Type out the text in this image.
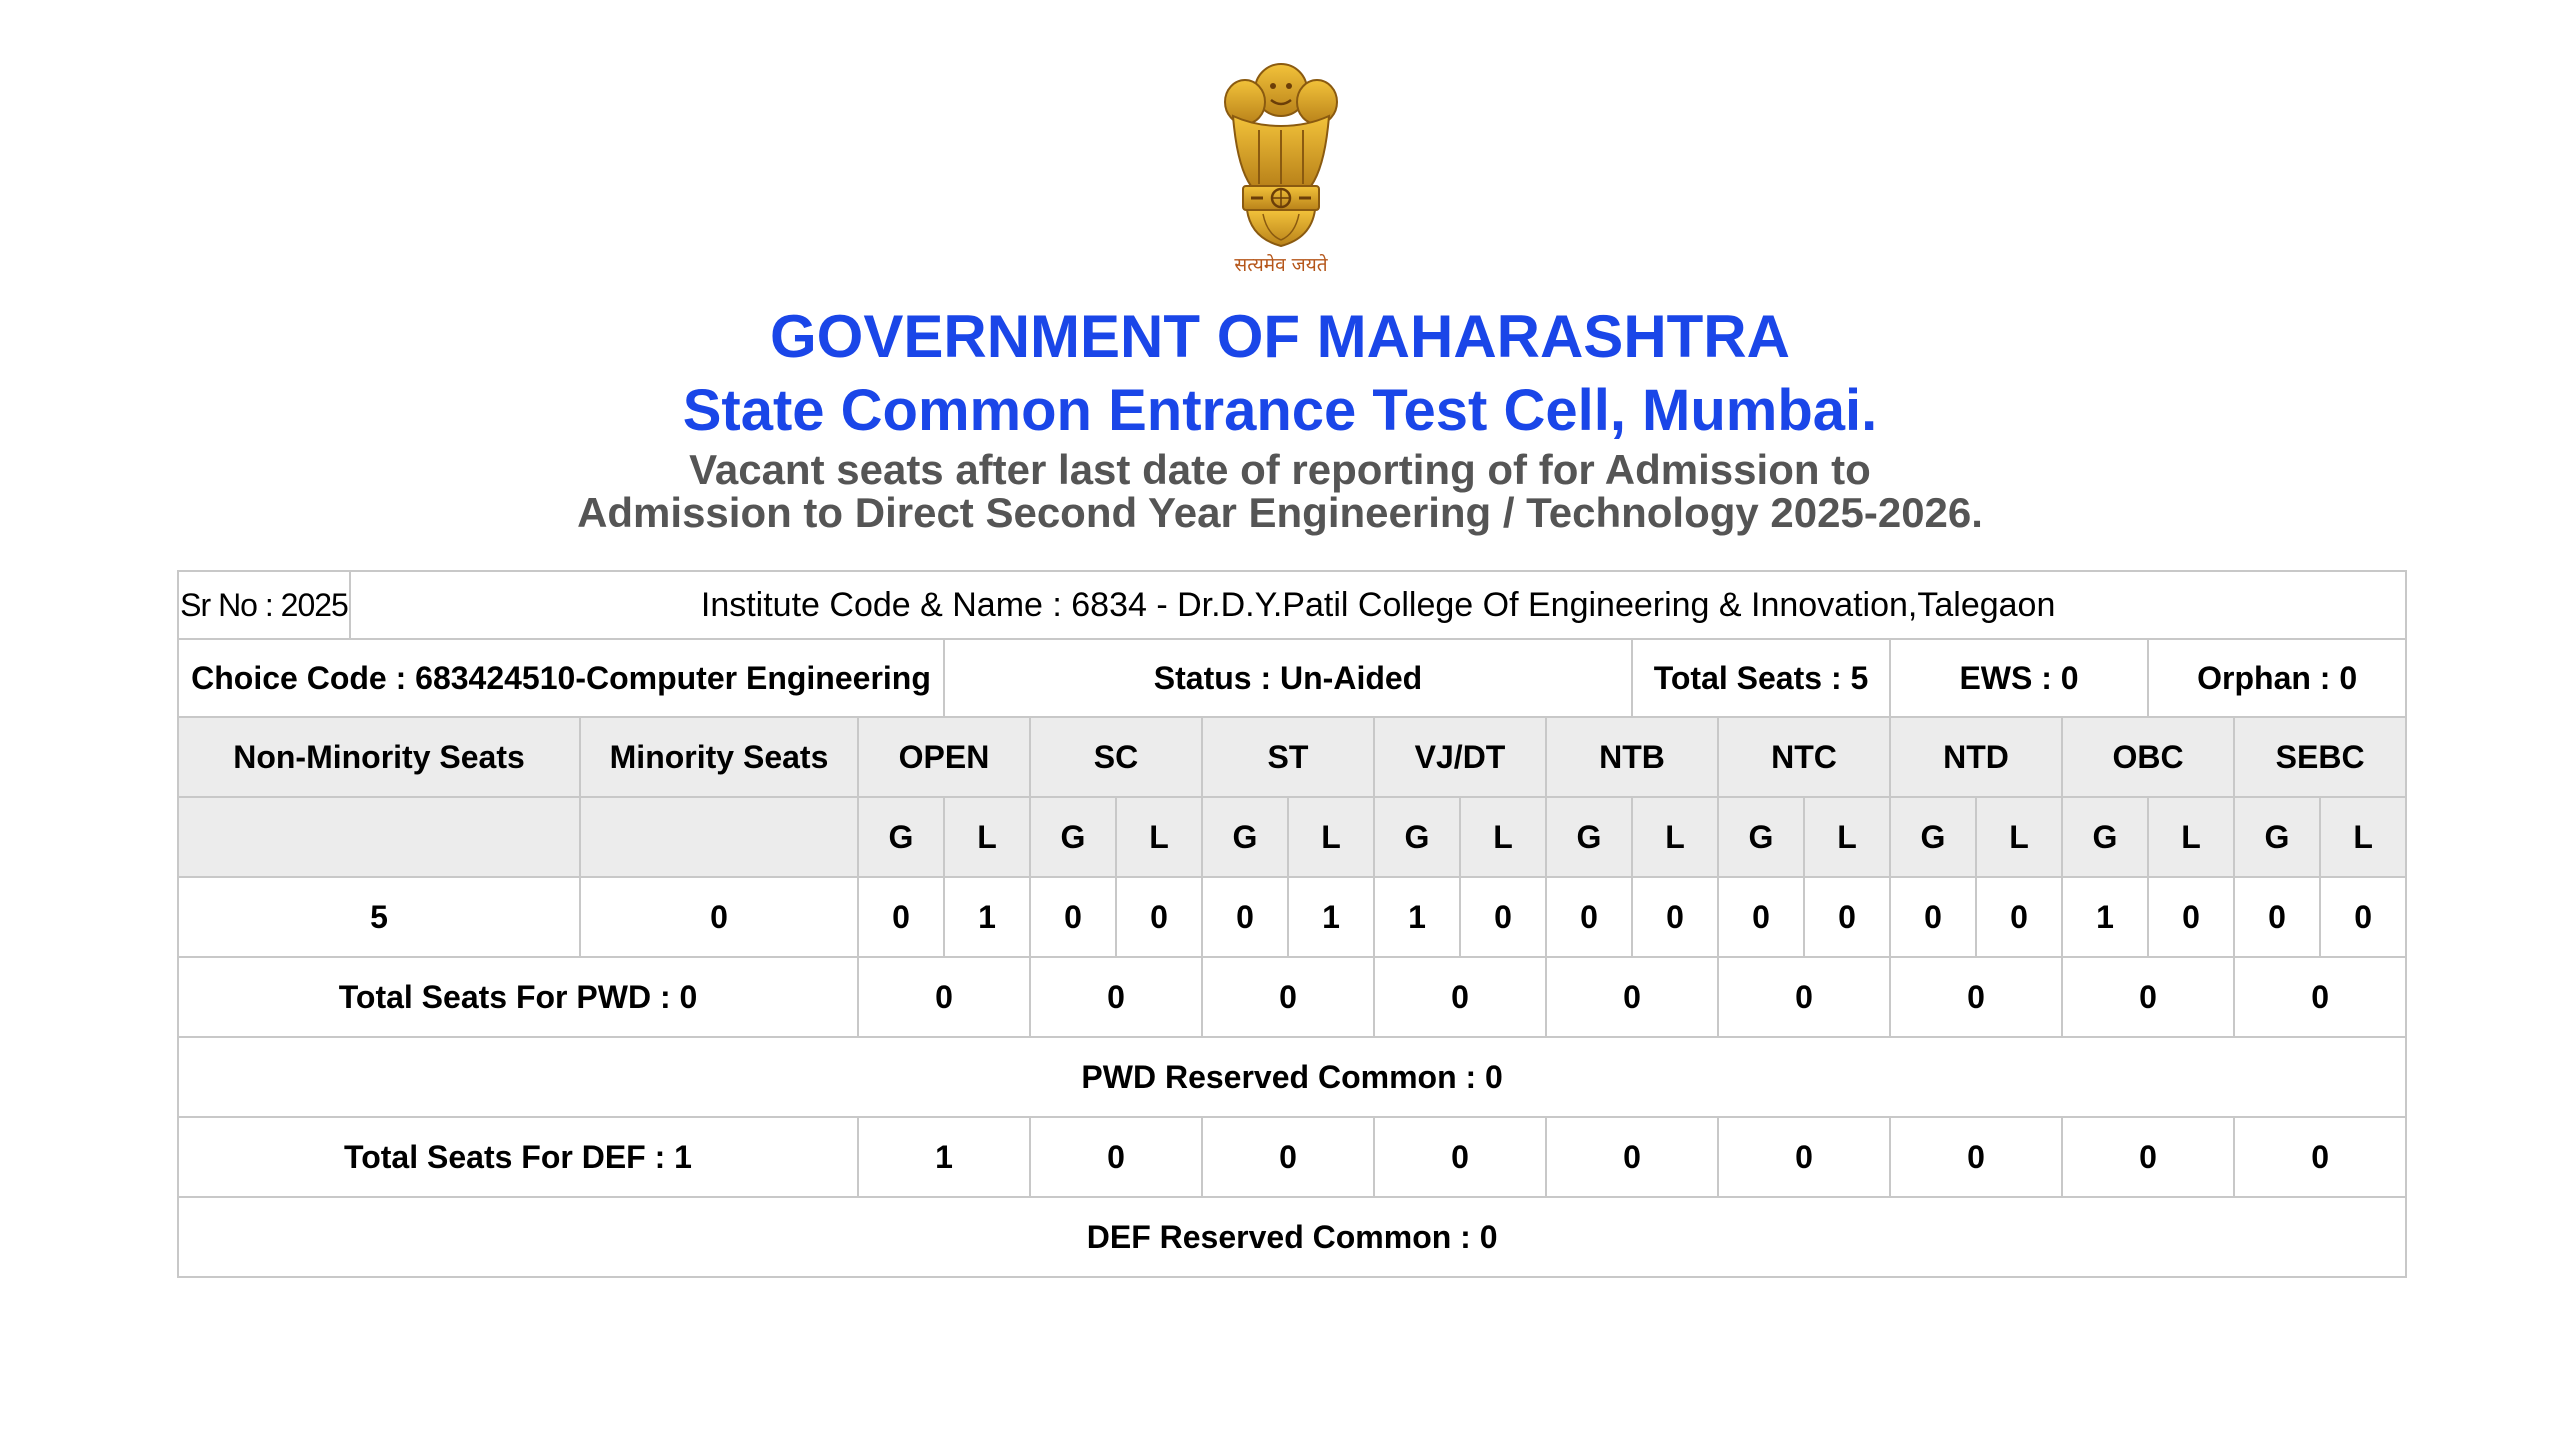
सत्यमेव जयते
GOVERNMENT OF MAHARASHTRA
State Common Entrance Test Cell, Mumbai.
Vacant seats after last date of reporting of for Admission to
Admission to Direct Second Year Engineering / Technology 2025-2026.
Sr No : 2025	Institute Code & Name : 6834 - Dr.D.Y.Patil College Of Engineering & Innovation,Talegaon																			
Choice Code : 683424510-Computer Engineering				Status : Un-Aided								Total Seats : 5			EWS : 0			Orphan : 0		
Non-Minority Seats		Minority Seats	OPEN		SC		ST		VJ/DT		NTB		NTC		NTD		OBC		SEBC	
			G	L	G	L	G	L	G	L	G	L	G	L	G	L	G	L	G	L
5		0	0	1	0	0	0	1	1	0	0	0	0	0	0	0	1	0	0	0
Total Seats For PWD : 0			0		0		0		0		0		0		0		0		0	
PWD Reserved Common : 0																				
Total Seats For DEF : 1			1		0		0		0		0		0		0		0		0	
DEF Reserved Common : 0																				
